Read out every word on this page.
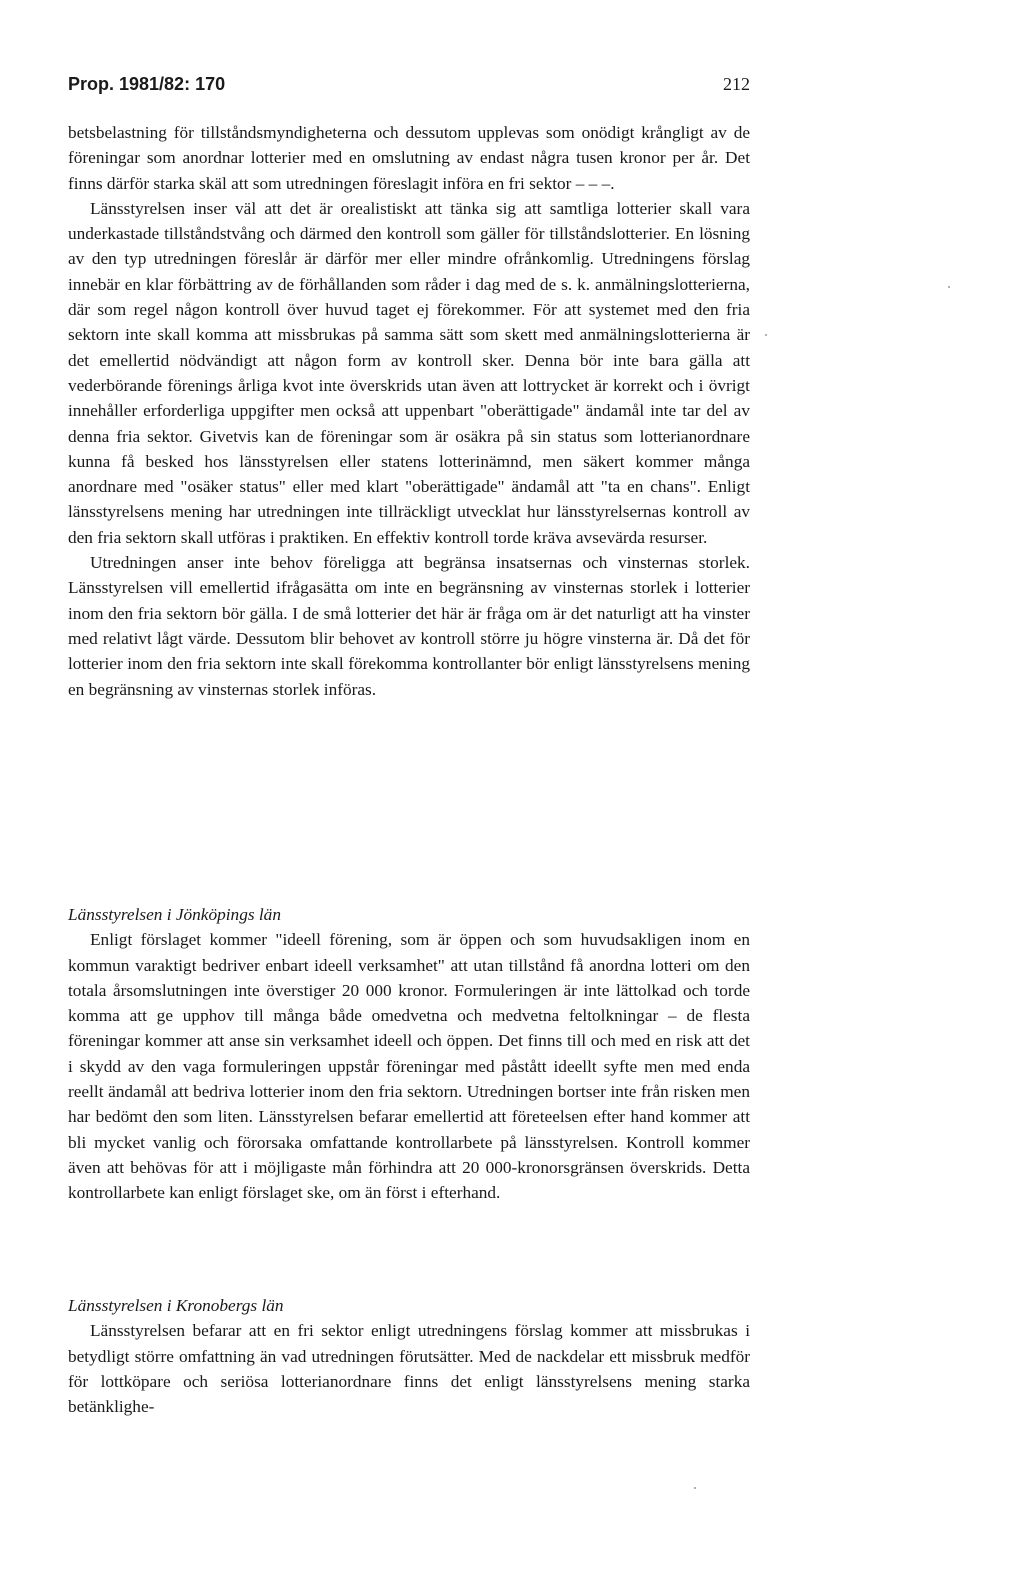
Prop. 1981/82: 170	212

betsbelastning för tillståndsmyndigheterna och dessutom upplevas som onödigt krångligt av de föreningar som anordnar lotterier med en omslutning av endast några tusen kronor per år. Det finns därför starka skäl att som utredningen föreslagit införa en fri sektor – – –.

Länsstyrelsen inser väl att det är orealistiskt att tänka sig att samtliga lotterier skall vara underkastade tillståndstvång och därmed den kontroll som gäller för tillståndslotterier. En lösning av den typ utredningen föreslår är därför mer eller mindre ofrånkomlig. Utredningens förslag innebär en klar förbättring av de förhållanden som råder i dag med de s. k. anmälningslotterierna, där som regel någon kontroll över huvud taget ej förekommer. För att systemet med den fria sektorn inte skall komma att missbrukas på samma sätt som skett med anmälningslotterierna är det emellertid nödvändigt att någon form av kontroll sker. Denna bör inte bara gälla att vederbörande förenings årliga kvot inte överskrids utan även att lottrycket är korrekt och i övrigt innehåller erforderliga uppgifter men också att uppenbart "oberättigade" ändamål inte tar del av denna fria sektor. Givetvis kan de föreningar som är osäkra på sin status som lotterianordnare kunna få besked hos länsstyrelsen eller statens lotterinämnd, men säkert kommer många anordnare med "osäker status" eller med klart "oberättigade" ändamål att "ta en chans". Enligt länsstyrelsens mening har utredningen inte tillräckligt utvecklat hur länsstyrelsernas kontroll av den fria sektorn skall utföras i praktiken. En effektiv kontroll torde kräva avsevärda resurser.

Utredningen anser inte behov föreligga att begränsa insatsernas och vinsternas storlek. Länsstyrelsen vill emellertid ifrågasätta om inte en begränsning av vinsternas storlek i lotterier inom den fria sektorn bör gälla. I de små lotterier det här är fråga om är det naturligt att ha vinster med relativt lågt värde. Dessutom blir behovet av kontroll större ju högre vinsterna är. Då det för lotterier inom den fria sektorn inte skall förekomma kontrollanter bör enligt länsstyrelsens mening en begränsning av vinsternas storlek införas.

Länsstyrelsen i Jönköpings län

Enligt förslaget kommer "ideell förening, som är öppen och som huvudsakligen inom en kommun varaktigt bedriver enbart ideell verksamhet" att utan tillstånd få anordna lotteri om den totala årsomslutningen inte överstiger 20 000 kronor. Formuleringen är inte lättolkad och torde komma att ge upphov till många både omedvetna och medvetna feltolkningar – de flesta föreningar kommer att anse sin verksamhet ideell och öppen. Det finns till och med en risk att det i skydd av den vaga formuleringen uppstår föreningar med påstått ideellt syfte men med enda reellt ändamål att bedriva lotterier inom den fria sektorn. Utredningen bortser inte från risken men har bedömt den som liten. Länsstyrelsen befarar emellertid att företeelsen efter hand kommer att bli mycket vanlig och förorsaka omfattande kontrollarbete på länsstyrelsen. Kontroll kommer även att behövas för att i möjligaste mån förhindra att 20 000-kronorsgränsen överskrids. Detta kontrollarbete kan enligt förslaget ske, om än först i efterhand.

Länsstyrelsen i Kronobergs län

Länsstyrelsen befarar att en fri sektor enligt utredningens förslag kommer att missbrukas i betydligt större omfattning än vad utredningen förutsätter. Med de nackdelar ett missbruk medför för lottköpare och seriösa lotterianordnare finns det enligt länsstyrelsens mening starka betänklighe-
